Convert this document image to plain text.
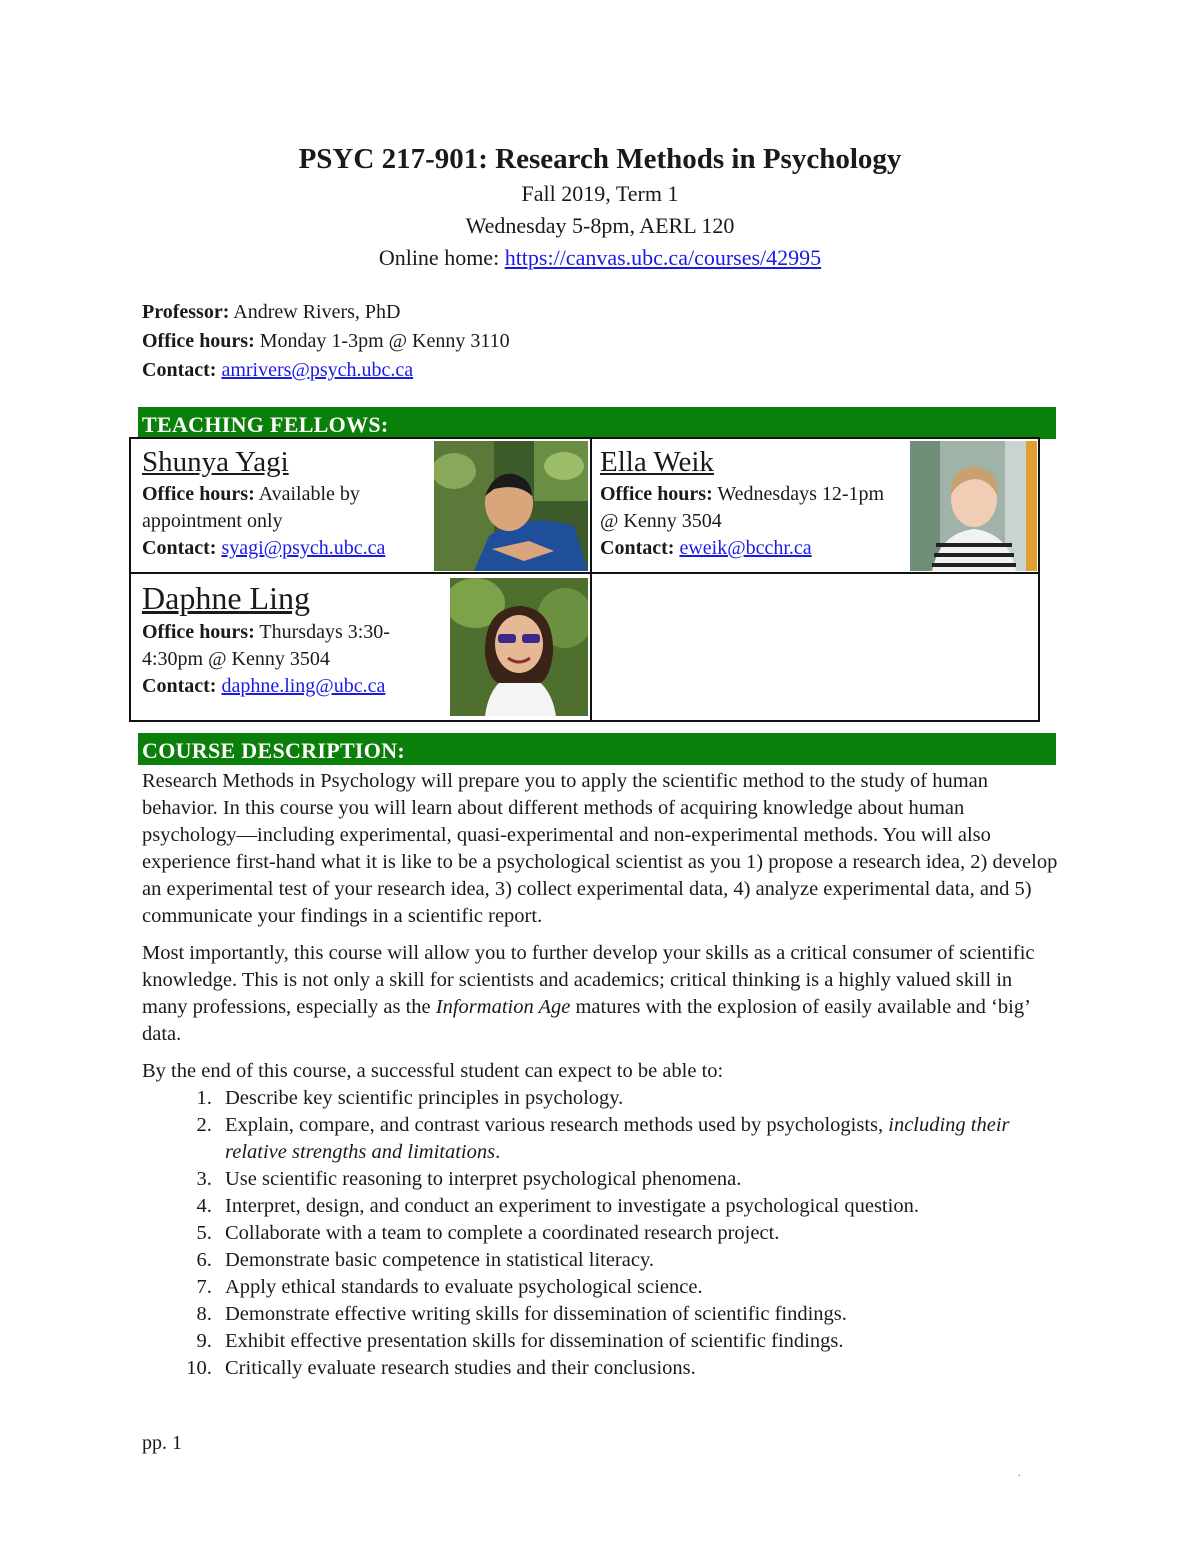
PSYC 217-901: Research Methods in Psychology

Fall 2019, Term 1

Wednesday 5-8pm, AERL 120

Online home: https://canvas.ubc.ca/courses/42995

Professor: Andrew Rivers, PhD
Office hours: Monday 1-3pm @ Kenny 3110
Contact: amrivers@psych.ubc.ca
TEACHING FELLOWS:
Shunya Yagi
Office hours: Available by appointment only
Contact: syagi@psych.ubc.ca
Ella Weik
Office hours: Wednesdays 12-1pm @ Kenny 3504
Contact: eweik@bcchr.ca
Daphne Ling
Office hours: Thursdays 3:30-4:30pm @ Kenny 3504
Contact: daphne.ling@ubc.ca
COURSE DESCRIPTION:

Research Methods in Psychology will prepare you to apply the scientific method to the study of human behavior. In this course you will learn about different methods of acquiring knowledge about human psychology—including experimental, quasi-experimental and non-experimental methods. You will also experience first-hand what it is like to be a psychological scientist as you 1) propose a research idea, 2) develop an experimental test of your research idea, 3) collect experimental data, 4) analyze experimental data, and 5) communicate your findings in a scientific report.

Most importantly, this course will allow you to further develop your skills as a critical consumer of scientific knowledge. This is not only a skill for scientists and academics; critical thinking is a highly valued skill in many professions, especially as the Information Age matures with the explosion of easily available and ‘big’ data.

By the end of this course, a successful student can expect to be able to:

1. Describe key scientific principles in psychology.
2. Explain, compare, and contrast various research methods used by psychologists, including their relative strengths and limitations.
3. Use scientific reasoning to interpret psychological phenomena.
4. Interpret, design, and conduct an experiment to investigate a psychological question.
5. Collaborate with a team to complete a coordinated research project.
6. Demonstrate basic competence in statistical literacy.
7. Apply ethical standards to evaluate psychological science.
8. Demonstrate effective writing skills for dissemination of scientific findings.
9. Exhibit effective presentation skills for dissemination of scientific findings.
10. Critically evaluate research studies and their conclusions.
pp. 1
.
